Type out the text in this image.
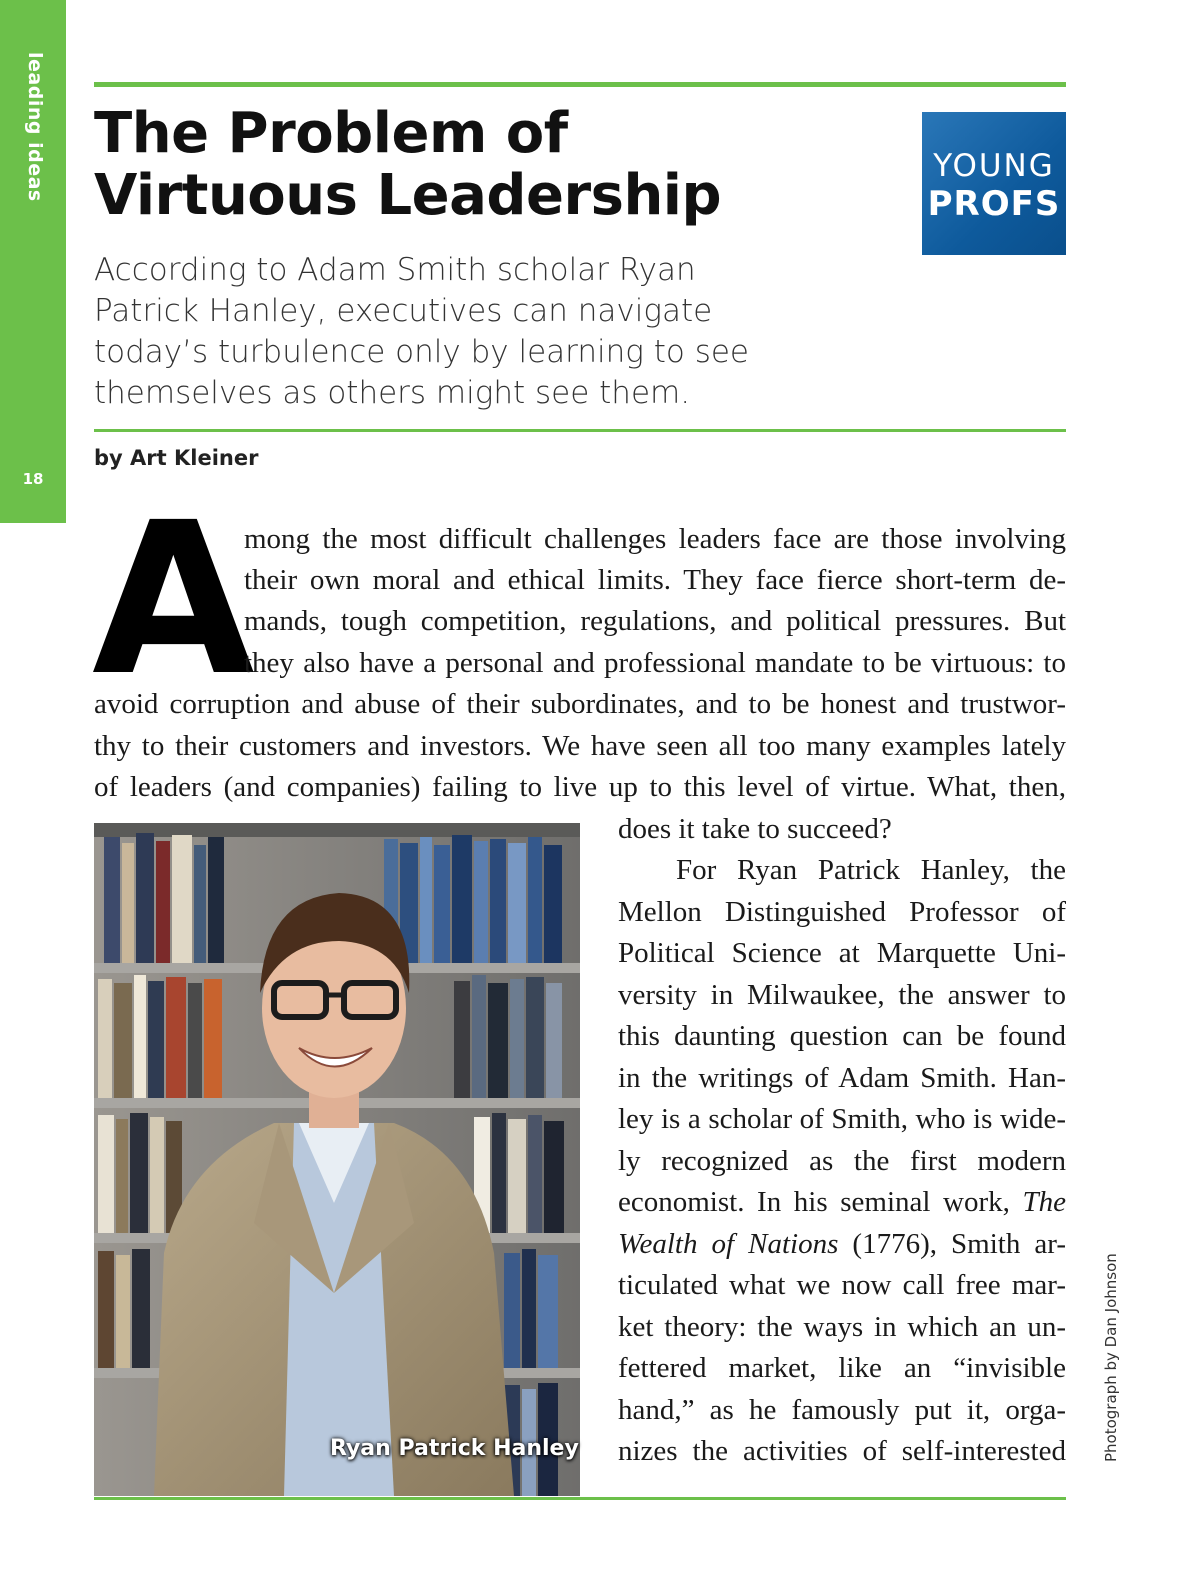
leading ideas
18
The Problem of
Virtuous Leadership	YOUNG
PROFS
According to Adam Smith scholar Ryan
Patrick Hanley, executives can navigate
today’s turbulence only by learning to see
themselves as others might see them.
by Art Kleiner
A
mong the most difficult challenges leaders face are those involving
their own moral and ethical limits. They face fierce short-term de-
mands, tough competition, regulations, and political pressures. But
they also have a personal and professional mandate to be virtuous: to
avoid corruption and abuse of their subordinates, and to be honest and trustwor-
thy to their customers and investors. We have seen all too many examples lately
of leaders (and companies) failing to live up to this level of virtue. What, then,
does it take to succeed?
For Ryan Patrick Hanley, the
Mellon Distinguished Professor of
Political Science at Marquette Uni-
versity in Milwaukee, the answer to
this daunting question can be found
in the writings of Adam Smith. Han-
ley is a scholar of Smith, who is wide-
ly recognized as the first modern
economist. In his seminal work, The
Wealth of Nations (1776), Smith ar-
ticulated what we now call free mar-
ket theory: the ways in which an un-
fettered market, like an “invisible
hand,” as he famously put it, orga-
nizes the activities of self-interested
Ryan Patrick Hanley	Photograph by Dan Johnson
